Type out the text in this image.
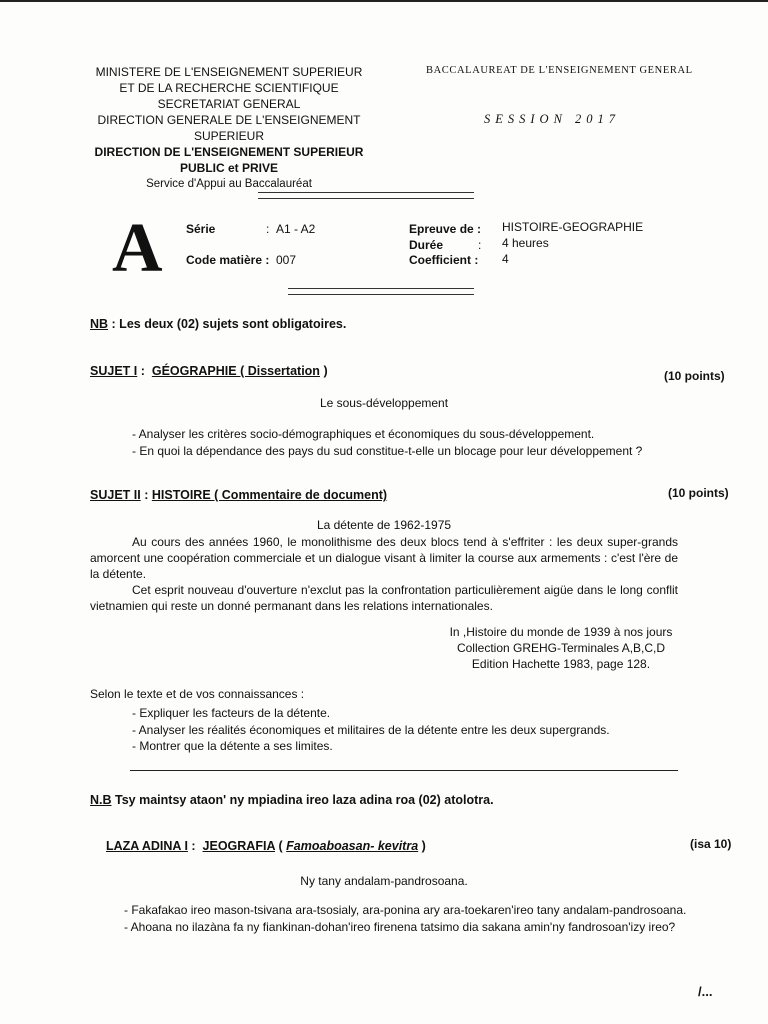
MINISTERE DE L'ENSEIGNEMENT SUPERIEUR
ET DE LA RECHERCHE SCIENTIFIQUE
SECRETARIAT GENERAL
DIRECTION GENERALE DE L'ENSEIGNEMENT
SUPERIEUR
DIRECTION DE L'ENSEIGNEMENT SUPERIEUR
PUBLIC et PRIVE
Service d'Appui au Baccalauréat
BACCALAUREAT DE L'ENSEIGNEMENT GENERAL
SESSION 2017
A Série	: A1 - A2
Code matière : 007
Epreuve de : HISTOIRE-GEOGRAPHIE
Durée	: 4 heures
Coefficient : 4
NB : Les deux (02) sujets sont obligatoires.
SUJET I : GÉOGRAPHIE ( Dissertation )	(10 points)
Le sous-développement
- Analyser les critères socio-démographiques et économiques du sous-développement.
- En quoi la dépendance des pays du sud constitue-t-elle un blocage pour leur développement ?
SUJET II : HISTOIRE ( Commentaire de document)	(10 points)
La détente de 1962-1975

Au cours des années 1960, le monolithisme des deux blocs tend à s'effriter : les deux super-grands amorcent une coopération commerciale et un dialogue visant à limiter la course aux armements : c'est l'ère de la détente.

Cet esprit nouveau d'ouverture n'exclut pas la confrontation particulièrement aigüe dans le long conflit vietnamien qui reste un donné permanant dans les relations internationales.

In ,Histoire du monde de 1939 à nos jours
Collection GREHG-Terminales A,B,C,D
Edition Hachette 1983, page 128.
Selon le texte et de vos connaissances :
- Expliquer les facteurs de la détente.
- Analyser les réalités économiques et militaires de la détente entre les deux supergrands.
- Montrer que la détente a ses limites.
N.B Tsy maintsy ataon' ny mpiadina ireo laza adina roa (02) atolotra.
LAZA ADINA I : JEOGRAFIA ( Famoaboasan- kevitra )	(isa 10)
Ny tany andalam-pandrosoana.
- Fakafakao ireo mason-tsivana ara-tsosialy, ara-ponina ary ara-toekaren'ireo tany andalam-pandrosoana.
- Ahoana no ilazàna fa ny fiankinan-dohan'ireo firenena tatsimo dia sakana amin'ny fandrosoan'izy ireo?
/...
